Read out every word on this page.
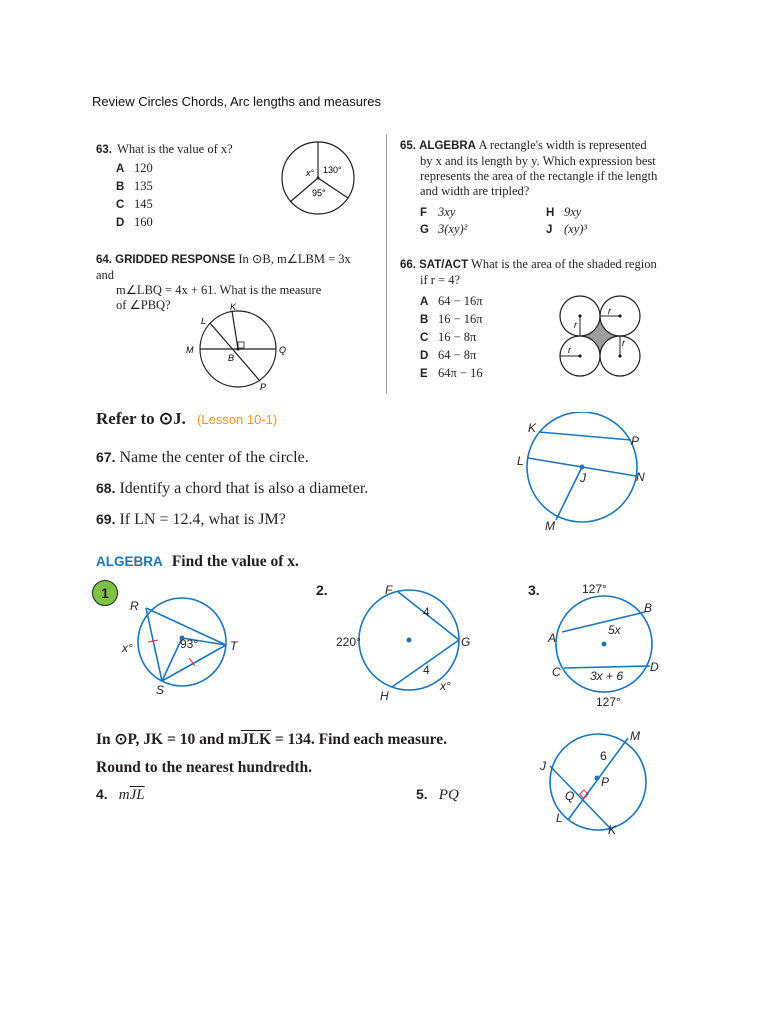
Review Circles Chords, Arc lengths and measures
63. What is the value of x?
A 120
B 135
C 145
D 160
x° 130°
95°
64. GRIDDED RESPONSE In ⊙B, m∠LBM = 3x and
m∠LBQ = 4x + 61. What is the measure
of ∠PBQ?	K
L
M	Q
B
P
65. ALGEBRA A rectangle's width is represented
by x and its length by y. Which expression best
represents the area of the rectangle if the length
and width are tripled?
F 3xy
G 3(xy)²
H 9xy
J (xy)³
66. SAT/ACT What is the area of the shaded region
if r = 4?
A 64 − 16π
B 16 − 16π
C 16 − 8π
D 64 − 8π
E 64π − 16
r
r
r
r
Refer to ⊙J. (Lesson 10-1)
67. Name the center of the circle.
68. Identify a chord that is also a diameter.
69. If LN = 12.4, what is JM?
K
P
L
N
J
M
ALGEBRA Find the value of x.
1
R
T
S
x°	93°
2.	F
G
H
220°
4
4
x°
3.	127°
B
A
5x
C	D
3x + 6
127°
In ⊙P, JK = 10 and $m\overline{JLK} = 134$. Find each measure.
Round to the nearest hundredth.
4. $m\overline{JL}$	5. PQ
M
J
6
P
Q
L
K
